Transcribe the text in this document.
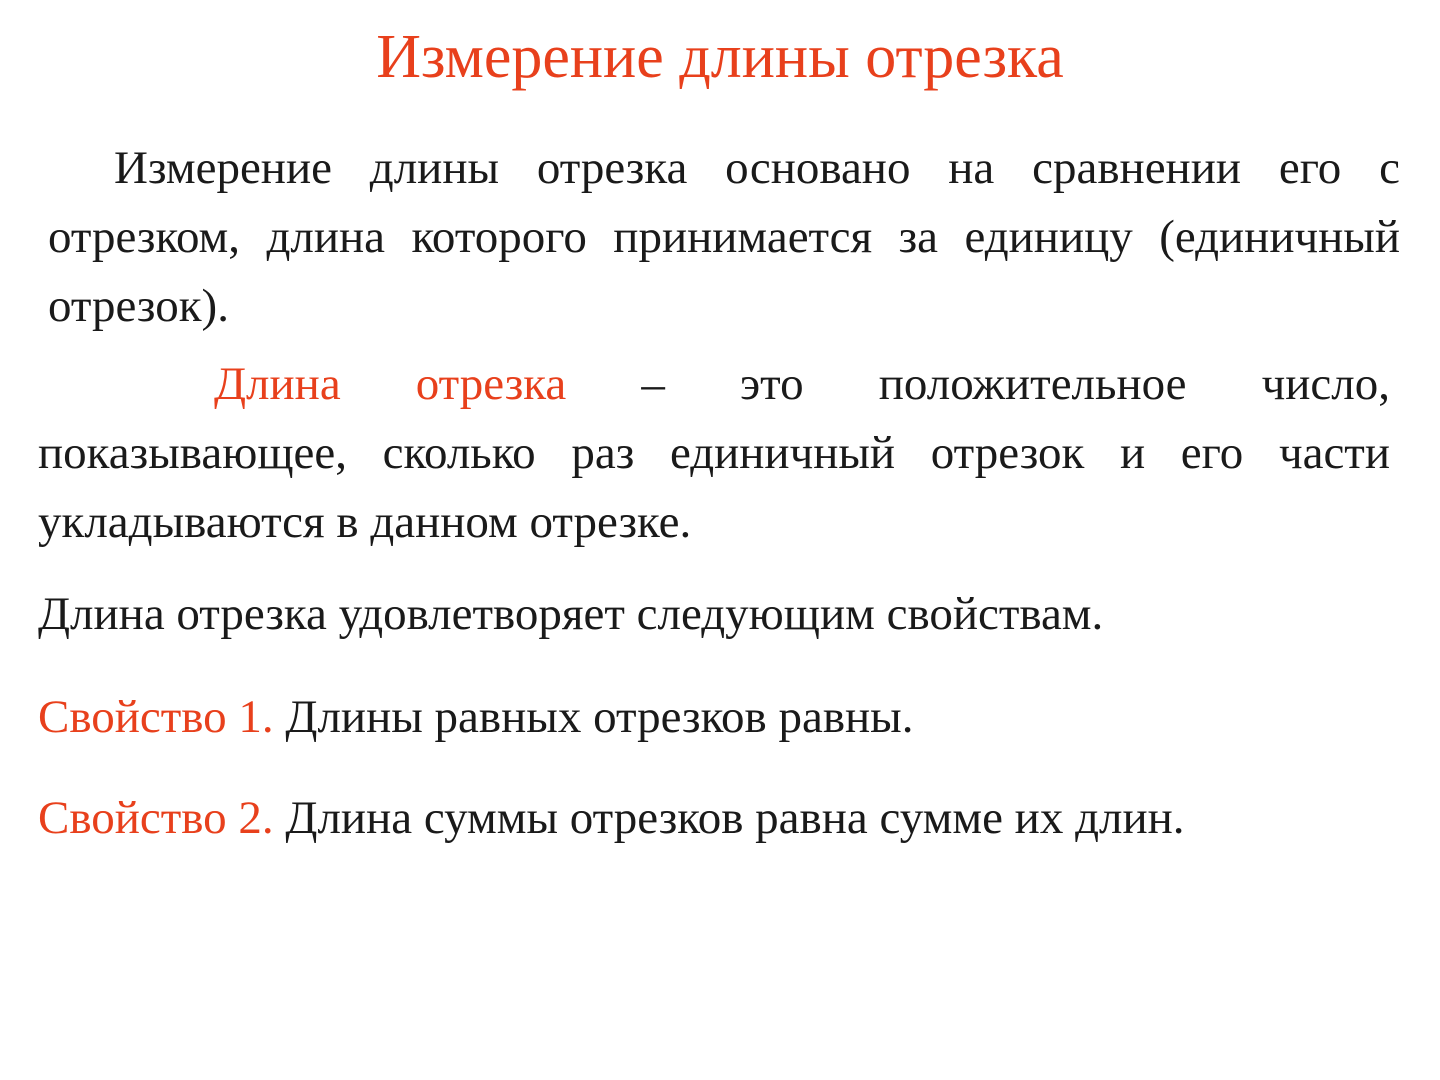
Измерение длины отрезка

Измерение длины отрезка основано на сравнении его с отрезком, длина которого принимается за единицу (единичный отрезок).

Длина отрезка – это положительное число, показывающее, сколько раз единичный отрезок и его части укладываются в данном отрезке.

Длина отрезка удовлетворяет следующим свойствам.

Свойство 1. Длины равных отрезков равны.

Свойство 2. Длина суммы отрезков равна сумме их длин.
